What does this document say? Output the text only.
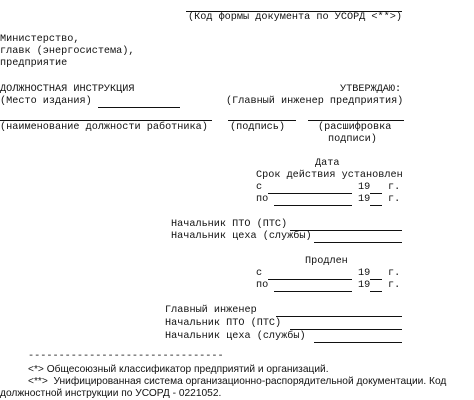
(Код формы документа по УСОРД <**>)
Министерство,
главк (энергосистема),
предприятие
ДОЛЖНОСТНАЯ ИНСТРУКЦИЯ
(Место издания)
УТВЕРЖДАЮ:
(Главный инженер предприятия)
(наименование должности работника) (подпись)	(расшифровка
подписи)
Дата
Срок действия установлен
с	19 г.
по	19 г.
Начальник ПТО (ПТС)
Начальник цеха (службы)
Продлен
с	19 г.
по	19 г.
Главный инженер
Начальник ПТО (ПТС)
Начальник цеха (службы)
--------------------------------
<*> Общесоюзный классификатор предприятий и организаций.
<**>  Унифицированная система организационно-распорядительной документации. Код
должностной инструкции по УСОРД - 0221052.
